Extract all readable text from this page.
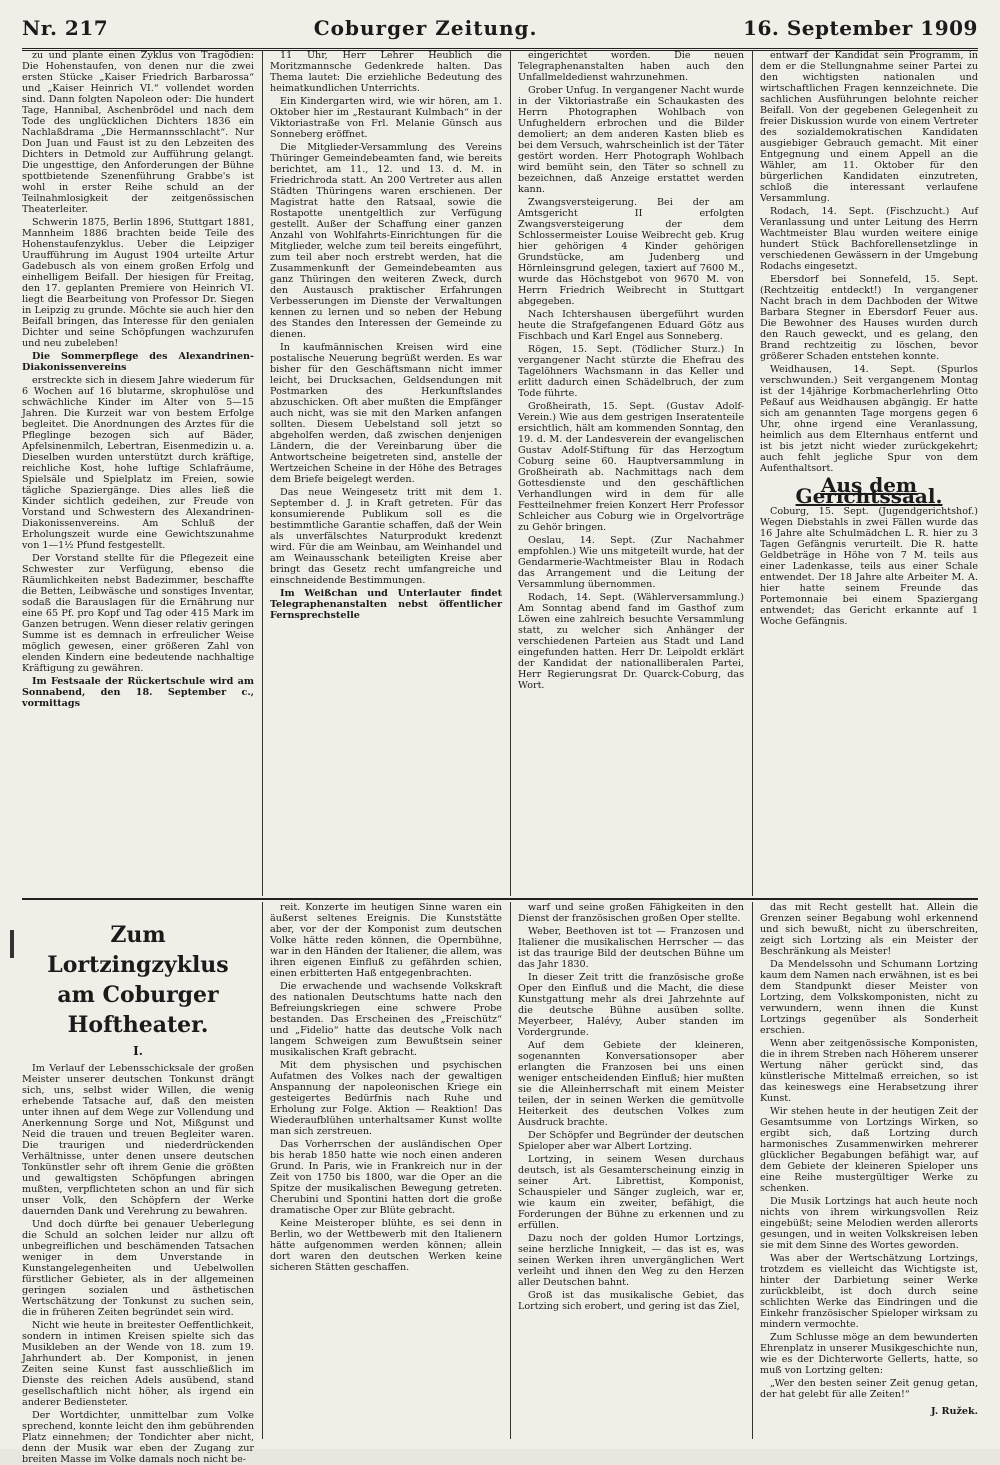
Nr. 217	Coburger Zeitung.	16. September 1909

zu und plante einen Zyklus von Tragödien: Die Hohenstaufen, von denen nur die zwei ersten Stücke „Kaiser Friedrich Barbarossa“ und „Kaiser Heinrich VI.“ vollendet worden sind. Dann folgten Napoleon oder: Die hundert Tage, Hannibal, Aschenbrödel und nach dem Tode des unglücklichen Dichters 1836 ein Nachlaßdrama „Die Hermannsschlacht“. Nur Don Juan und Faust ist zu den Lebzeiten des Dichters in Detmold zur Aufführung gelangt. Die ungesttige, den Anforderungen der Bühne spottbietende Szenenführung Grabbe's ist wohl in erster Reihe schuld an der Teilnahmlosigkeit der zeitgenössischen Theaterleiter.

Schwerin 1875, Berlin 1896, Stuttgart 1881, Mannheim 1886 brachten beide Teile des Hohenstaufenzyklus. Ueber die Leipziger Uraufführung im August 1904 urteilte Artur Gadebusch als von einem großen Erfolg und einhelligem Beifall. Der hiesigen für Freitag, den 17. geplanten Premiere von Heinrich VI. liegt die Bearbeitung von Professor Dr. Siegen in Leipzig zu grunde. Möchte sie auch hier den Beifall bringen, das Interesse für den genialen Dichter und seine Schöpfungen wachzurufen und neu zubeleben!

Die Sommerpflege des Alexandrinen-Diakonissenvereins

erstreckte sich in diesem Jahre wiederum für 6 Wochen auf 16 blutarme, skrophulöse und schwächliche Kinder im Alter von 5—15 Jahren. Die Kurzeit war von bestem Erfolge begleitet. Die Anordnungen des Arztes für die Pfleglinge bezogen sich auf Bäder, Apfelsinenmilch, Lebertran, Eisenmedizin u. a. Dieselben wurden unterstützt durch kräftige, reichliche Kost, hohe luftige Schlafräume, Spielsäle und Spielplatz im Freien, sowie tägliche Spaziergänge. Dies alles ließ die Kinder sichtlich gedeihen, zur Freude von Vorstand und Schwestern des Alexandrinen-Diakonissenvereins. Am Schluß der Erholungszeit wurde eine Gewichtszunahme von 1—1½ Pfund festgestellt.

Der Vorstand stellte für die Pflegezeit eine Schwester zur Verfügung, ebenso die Räumlichkeiten nebst Badezimmer, beschaffte die Betten, Leibwäsche und sonstiges Inventar, sodaß die Barauslagen für die Ernährung nur eine 65 Pf. pro Kopf und Tag oder 415 Mark im Ganzen betrugen. Wenn dieser relativ geringen Summe ist es demnach in erfreulicher Weise möglich gewesen, einer größeren Zahl von elenden Kindern eine bedeutende nachhaltige Kräftigung zu gewähren.

Im Festsaale der Rückertschule wird am Sonnabend, den 18. September c., vormittags

11 Uhr, Herr Lehrer Heublich die Moritzmannsche Gedenkrede halten. Das Thema lautet: Die erziehliche Bedeutung des heimatkundlichen Unterrichts.

Ein Kindergarten wird, wie wir hören, am 1. Oktober hier im „Restaurant Kulmbach“ in der Viktoriastraße von Frl. Melanie Günsch aus Sonneberg eröffnet.

Die Mitglieder-Versammlung des Vereins Thüringer Gemeindebeamten fand, wie bereits berichtet, am 11., 12. und 13. d. M. in Friedrichroda statt. An 200 Vertreter aus allen Städten Thüringens waren erschienen. Der Magistrat hatte den Ratsaal, sowie die Rostapotte unentgeltlich zur Verfügung gestellt. Außer der Schaffung einer ganzen Anzahl von Wohlfahrts-Einrichtungen für die Mitglieder, welche zum teil bereits eingeführt, zum teil aber noch erstrebt werden, hat die Zusammenkunft der Gemeindebeamten aus ganz Thüringen den weiteren Zweck, durch den Austausch praktischer Erfahrungen Verbesserungen im Dienste der Verwaltungen kennen zu lernen und so neben der Hebung des Standes den Interessen der Gemeinde zu dienen.

In kaufmännischen Kreisen wird eine postalische Neuerung begrüßt werden. Es war bisher für den Geschäftsmann nicht immer leicht, bei Drucksachen, Geldsendungen mit Postmarken des Herkunftslandes abzuschicken. Oft aber mußten die Empfänger auch nicht, was sie mit den Marken anfangen sollten. Diesem Uebelstand soll jetzt so abgeholfen werden, daß zwischen denjenigen Ländern, die der Vereinbarung über die Antwortscheine beigetreten sind, anstelle der Wertzeichen Scheine in der Höhe des Betrages dem Briefe beigelegt werden.

Das neue Weingesetz tritt mit dem 1. September d. J. in Kraft getreten. Für das konsumierende Publikum soll es die bestimmtliche Garantie schaffen, daß der Wein als unverfälschtes Naturprodukt kredenzt wird. Für die am Weinbau, am Weinhandel und am Weinausschank beteiligten Kreise aber bringt das Gesetz recht umfangreiche und einschneidende Bestimmungen.

Im Weißchan und Unterlauter findet Telegraphenanstalten nebst öffentlicher Fernsprechstelle

eingerichtet worden. Die neuen Telegraphenanstalten haben auch den Unfallmeldedienst wahrzunehmen.

Grober Unfug. In vergangener Nacht wurde in der Viktoriastraße ein Schaukasten des Herrn Photographen Wohlbach von Unfugheldern erbrochen und die Bilder demoliert; an dem anderen Kasten blieb es bei dem Versuch, wahrscheinlich ist der Täter gestört worden. Herr Photograph Wohlbach wird bemüht sein, den Täter so schnell zu bezeichnen, daß Anzeige erstattet werden kann.

Zwangsversteigerung. Bei der am Amtsgericht II erfolgten Zwangsversteigerung der dem Schlossermeister Louise Weibrecht geb. Krug hier gehörigen 4 Kinder gehörigen Grundstücke, am Judenberg und Hörnleinsgrund gelegen, taxiert auf 7600 M., wurde das Höchstgebot von 9670 M. von Herrn Friedrich Weibrecht in Stuttgart abgegeben.

Nach Ichtershausen übergeführt wurden heute die Strafgefangenen Eduard Götz aus Fischbach und Karl Engel aus Sonneberg.

Rögen, 15. Sept. (Tödlicher Sturz.) In vergangener Nacht stürzte die Ehefrau des Tagelöhners Wachsmann in das Keller und erlitt dadurch einen Schädelbruch, der zum Tode führte.

Großheirath, 15. Sept. (Gustav Adolf-Verein.) Wie aus dem gestrigen Inseratenteile ersichtlich, hält am kommenden Sonntag, den 19. d. M. der Landesverein der evangelischen Gustav Adolf-Stiftung für das Herzogtum Coburg seine 60. Hauptversammlung in Großheirath ab. Nachmittags nach dem Gottesdienste und den geschäftlichen Verhandlungen wird in dem für alle Festteilnehmer freien Konzert Herr Professor Schleicher aus Coburg wie in Orgelvorträge zu Gehör bringen.

Oeslau, 14. Sept. (Zur Nachahmer empfohlen.) Wie uns mitgeteilt wurde, hat der Gendarmerie-Wachtmeister Blau in Rodach das Arrangement und die Leitung der Versammlung übernommen.

Rodach, 14. Sept. (Wählerversammlung.) Am Sonntag abend fand im Gasthof zum Löwen eine zahlreich besuchte Versammlung statt, zu welcher sich Anhänger der verschiedenen Parteien aus Stadt und Land eingefunden hatten. Herr Dr. Leipoldt erklärt der Kandidat der nationalliberalen Partei, Herr Regierungsrat Dr. Quarck-Coburg, das Wort.

entwarf der Kandidat sein Programm, in dem er die Stellungnahme seiner Partei zu den wichtigsten nationalen und wirtschaftlichen Fragen kennzeichnete. Die sachlichen Ausführungen belohnte reicher Beifall. Von der gegebenen Gelegenheit zu freier Diskussion wurde von einem Vertreter des sozialdemokratischen Kandidaten ausgiebiger Gebrauch gemacht. Mit einer Entgegnung und einem Appell an die Wähler, am 11. Oktober für den bürgerlichen Kandidaten einzutreten, schloß die interessant verlaufene Versammlung.

Rodach, 14. Sept. (Fischzucht.) Auf Veranlassung und unter Leitung des Herrn Wachtmeister Blau wurden weitere einige hundert Stück Bachforellensetzlinge in verschiedenen Gewässern in der Umgebung Rodachs eingesetzt.

Ebersdorf bei Sonnefeld, 15. Sept. (Rechtzeitig entdeckt!) In vergangener Nacht brach in dem Dachboden der Witwe Barbara Stegner in Ebersdorf Feuer aus. Die Bewohner des Hauses wurden durch den Rauch geweckt, und es gelang, den Brand rechtzeitig zu löschen, bevor größerer Schaden entstehen konnte.

Weidhausen, 14. Sept. (Spurlos verschwunden.) Seit vergangenem Montag ist der 14jährige Korbmacherlehrling Otto Peßauf aus Weidhausen abgängig. Er hatte sich am genannten Tage morgens gegen 6 Uhr, ohne irgend eine Veranlassung, heimlich aus dem Elternhaus entfernt und ist bis jetzt nicht wieder zurückgekehrt; auch fehlt jegliche Spur von dem Aufenthaltsort.

Aus dem Gerichtssaal.

Coburg, 15. Sept. (Jugendgerichtshof.) Wegen Diebstahls in zwei Fällen wurde das 16 Jahre alte Schulmädchen L. R. hier zu 3 Tagen Gefängnis verurteilt. Die R. hatte Geldbeträge in Höhe von 7 M. teils aus einer Ladenkasse, teils aus einer Schale entwendet. Der 18 Jahre alte Arbeiter M. A. hier hatte seinem Freunde das Portemonnaie bei einem Spaziergang entwendet; das Gericht erkannte auf 1 Woche Gefängnis.

Zum Lortzingzyklus
am Coburger Hoftheater.
I.

Im Verlauf der Lebensschicksale der großen Meister unserer deutschen Tonkunst drängt sich, uns, selbst wider Willen, die wenig erhebende Tatsache auf, daß den meisten unter ihnen auf dem Wege zur Vollendung und Anerkennung Sorge und Not, Mißgunst und Neid die trauen und treuen Begleiter waren. Die traurigen und niederdrückenden Verhältnisse, unter denen unsere deutschen Tonkünstler sehr oft ihrem Genie die größten und gewaltigsten Schöpfungen abringen mußten, verpflichteten schon an und für sich unser Volk, den Schöpfern der Werke dauernden Dank und Verehrung zu bewahren.

Und doch dürfte bei genauer Ueberlegung die Schuld an solchen leider nur allzu oft unbegreiflichen und beschämenden Tatsachen weniger in dem Unverstande in Kunstangelegenheiten und Uebelwollen fürstlicher Gebieter, als in der allgemeinen geringen sozialen und ästhetischen Wertschätzung der Tonkunst zu suchen sein, die in früheren Zeiten begründet sein wird.

Nicht wie heute in breitester Oeffentlichkeit, sondern in intimen Kreisen spielte sich das Musikleben an der Wende von 18. zum 19. Jahrhundert ab. Der Komponist, in jenen Zeiten seine Kunst fast ausschließlich im Dienste des reichen Adels ausübend, stand gesellschaftlich nicht höher, als irgend ein anderer Bediensteter.

Der Wortdichter, unmittelbar zum Volke sprechend, konnte leicht den ihm gebührenden Platz einnehmen; der Tondichter aber nicht, denn der Musik war eben der Zugang zur breiten Masse im Volke damals noch nicht be-

reit. Konzerte im heutigen Sinne waren ein äußerst seltenes Ereignis. Die Kunststätte aber, vor der der Komponist zum deutschen Volke hätte reden können, die Opernbühne, war in den Händen der Italiener, die allem, was ihren eigenen Einfluß zu gefährden schien, einen erbitterten Haß entgegenbrachten.

Die erwachende und wachsende Volkskraft des nationalen Deutschtums hatte nach den Befreiungskriegen eine schwere Probe bestanden. Das Erscheinen des „Freischütz“ und „Fidelio“ hatte das deutsche Volk nach langem Schweigen zum Bewußtsein seiner musikalischen Kraft gebracht.

Mit dem physischen und psychischen Aufatmen des Volkes nach der gewaltigen Anspannung der napoleonischen Kriege ein gesteigertes Bedürfnis nach Ruhe und Erholung zur Folge. Aktion — Reaktion! Das Wiederaufblühen unterhaltsamer Kunst wollte man sich zerstreuen.

Das Vorherrschen der ausländischen Oper bis herab 1850 hatte wie noch einen anderen Grund. In Paris, wie in Frankreich nur in der Zeit von 1750 bis 1800, war die Oper an die Spitze der musikalischen Bewegung getreten. Cherubini und Spontini hatten dort die große dramatische Oper zur Blüte gebracht.

Keine Meisteroper blühte, es sei denn in Berlin, wo der Wettbewerb mit den Italienern hätte aufgenommen werden können; allein dort waren den deutschen Werken keine sicheren Stätten geschaffen.

warf und seine großen Fähigkeiten in den Dienst der französischen großen Oper stellte.

Weber, Beethoven ist tot — Franzosen und Italiener die musikalischen Herrscher — das ist das traurige Bild der deutschen Bühne um das Jahr 1830.

In dieser Zeit tritt die französische große Oper den Einfluß und die Macht, die diese Kunstgattung mehr als drei Jahrzehnte auf die deutsche Bühne ausüben sollte. Meyerbeer, Halévy, Auber standen im Vordergrunde.

Auf dem Gebiete der kleineren, sogenannten Konversationsoper aber erlangten die Franzosen bei uns einen weniger entscheidenden Einfluß; hier mußten sie die Alleinherrschaft mit einem Meister teilen, der in seinen Werken die gemütvolle Heiterkeit des deutschen Volkes zum Ausdruck brachte.

Der Schöpfer und Begründer der deutschen Spieloper aber war Albert Lortzing.

Lortzing, in seinem Wesen durchaus deutsch, ist als Gesamterscheinung einzig in seiner Art. Librettist, Komponist, Schauspieler und Sänger zugleich, war er, wie kaum ein zweiter, befähigt, die Forderungen der Bühne zu erkennen und zu erfüllen.

Dazu noch der golden Humor Lortzings, seine herzliche Innigkeit, — das ist es, was seinen Werken ihren unvergänglichen Wert verleiht und ihnen den Weg zu den Herzen aller Deutschen bahnt.

Groß ist das musikalische Gebiet, das Lortzing sich erobert, und gering ist das Ziel,

das mit Recht gestellt hat. Allein die Grenzen seiner Begabung wohl erkennend und sich bewußt, nicht zu überschreiten, zeigt sich Lortzing als ein Meister der Beschränkung als Meister!

Da Mendelssohn und Schumann Lortzing kaum dem Namen nach erwähnen, ist es bei dem Standpunkt dieser Meister von Lortzing, dem Volkskomponisten, nicht zu verwundern, wenn ihnen die Kunst Lortzings gegenüber als Sonderheit erschien.

Wenn aber zeitgenössische Komponisten, die in ihrem Streben nach Höherem unserer Wertung näher gerückt sind, das künstlerische Mittelmaß erreichen, so ist das keineswegs eine Herabsetzung ihrer Kunst.

Wir stehen heute in der heutigen Zeit der Gesamtsumme von Lortzings Wirken, so ergibt sich, daß Lortzing durch harmonisches Zusammenwirken mehrerer glücklicher Begabungen befähigt war, auf dem Gebiete der kleineren Spieloper uns eine Reihe mustergültiger Werke zu schenken.

Die Musik Lortzings hat auch heute noch nichts von ihrem wirkungsvollen Reiz eingebüßt; seine Melodien werden allerorts gesungen, und in weiten Volkskreisen leben sie mit dem Sinne des Wortes geworden.

Was aber der Wertschätzung Lortzings, trotzdem es vielleicht das Wichtigste ist, hinter der Darbietung seiner Werke zurückbleibt, ist doch durch seine schlichten Werke das Eindringen und die Einkehr französischer Spieloper wirksam zu mindern vermochte.

Zum Schlusse möge an dem bewunderten Ehrenplatz in unserer Musikgeschichte nun, wie es der Dichterworte Gellerts, hatte, so muß von Lortzing gelten:

„Wer den besten seiner Zeit genug getan, der hat gelebt für alle Zeiten!“

J. Ružek.
